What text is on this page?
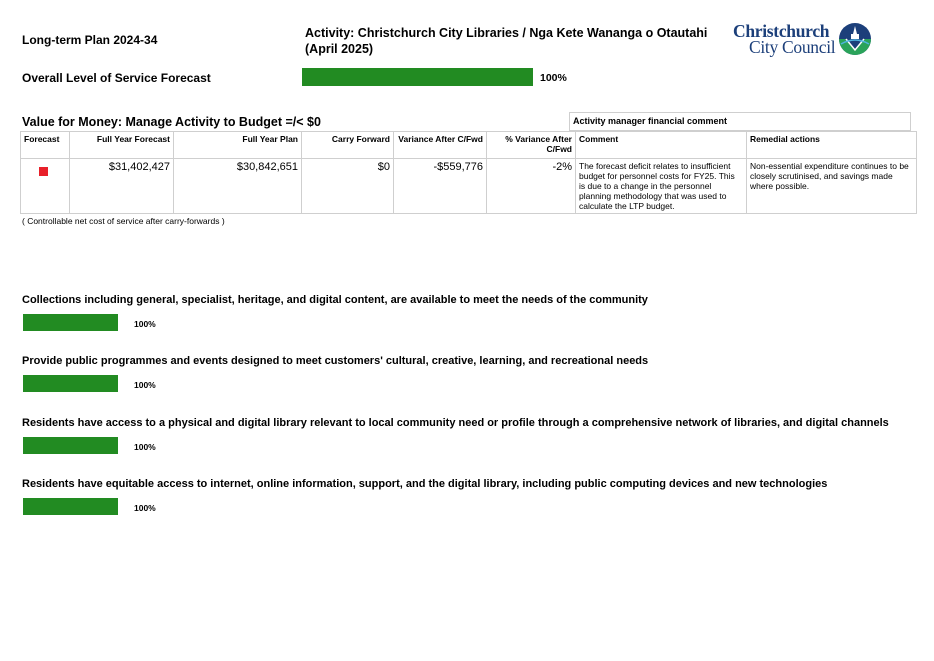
Long-term Plan 2024-34	Activity: Christchurch City Libraries / Nga Kete Wananga o Otautahi (April 2025)
Christchurch
City Council
Overall Level of Service Forecast	100%
Value for Money: Manage Activity to Budget =/< $0	Activity manager financial comment
Forecast	Full Year Forecast	Full Year Plan	Carry Forward	Variance After C/Fwd	% Variance After C/Fwd	Comment	Remedial actions
	$31,402,427	$30,842,651	$0	-$559,776	-2%	The forecast deficit relates to insufficient budget for personnel costs for FY25. This is due to a change in the personnel planning methodology that was used to calculate the LTP budget.	Non-essential expenditure continues to be closely scrutinised, and savings made where possible.
( Controllable net cost of service after carry-forwards )
Collections including general, specialist, heritage, and digital content, are available to meet the needs of the community
100%
Provide public programmes and events designed to meet customers' cultural, creative, learning, and recreational needs
100%
Residents have access to a physical and digital library relevant to local community need or profile through a comprehensive network of libraries, and digital channels
100%
Residents have equitable access to internet, online information, support, and the digital library, including public computing devices and new technologies
100%
